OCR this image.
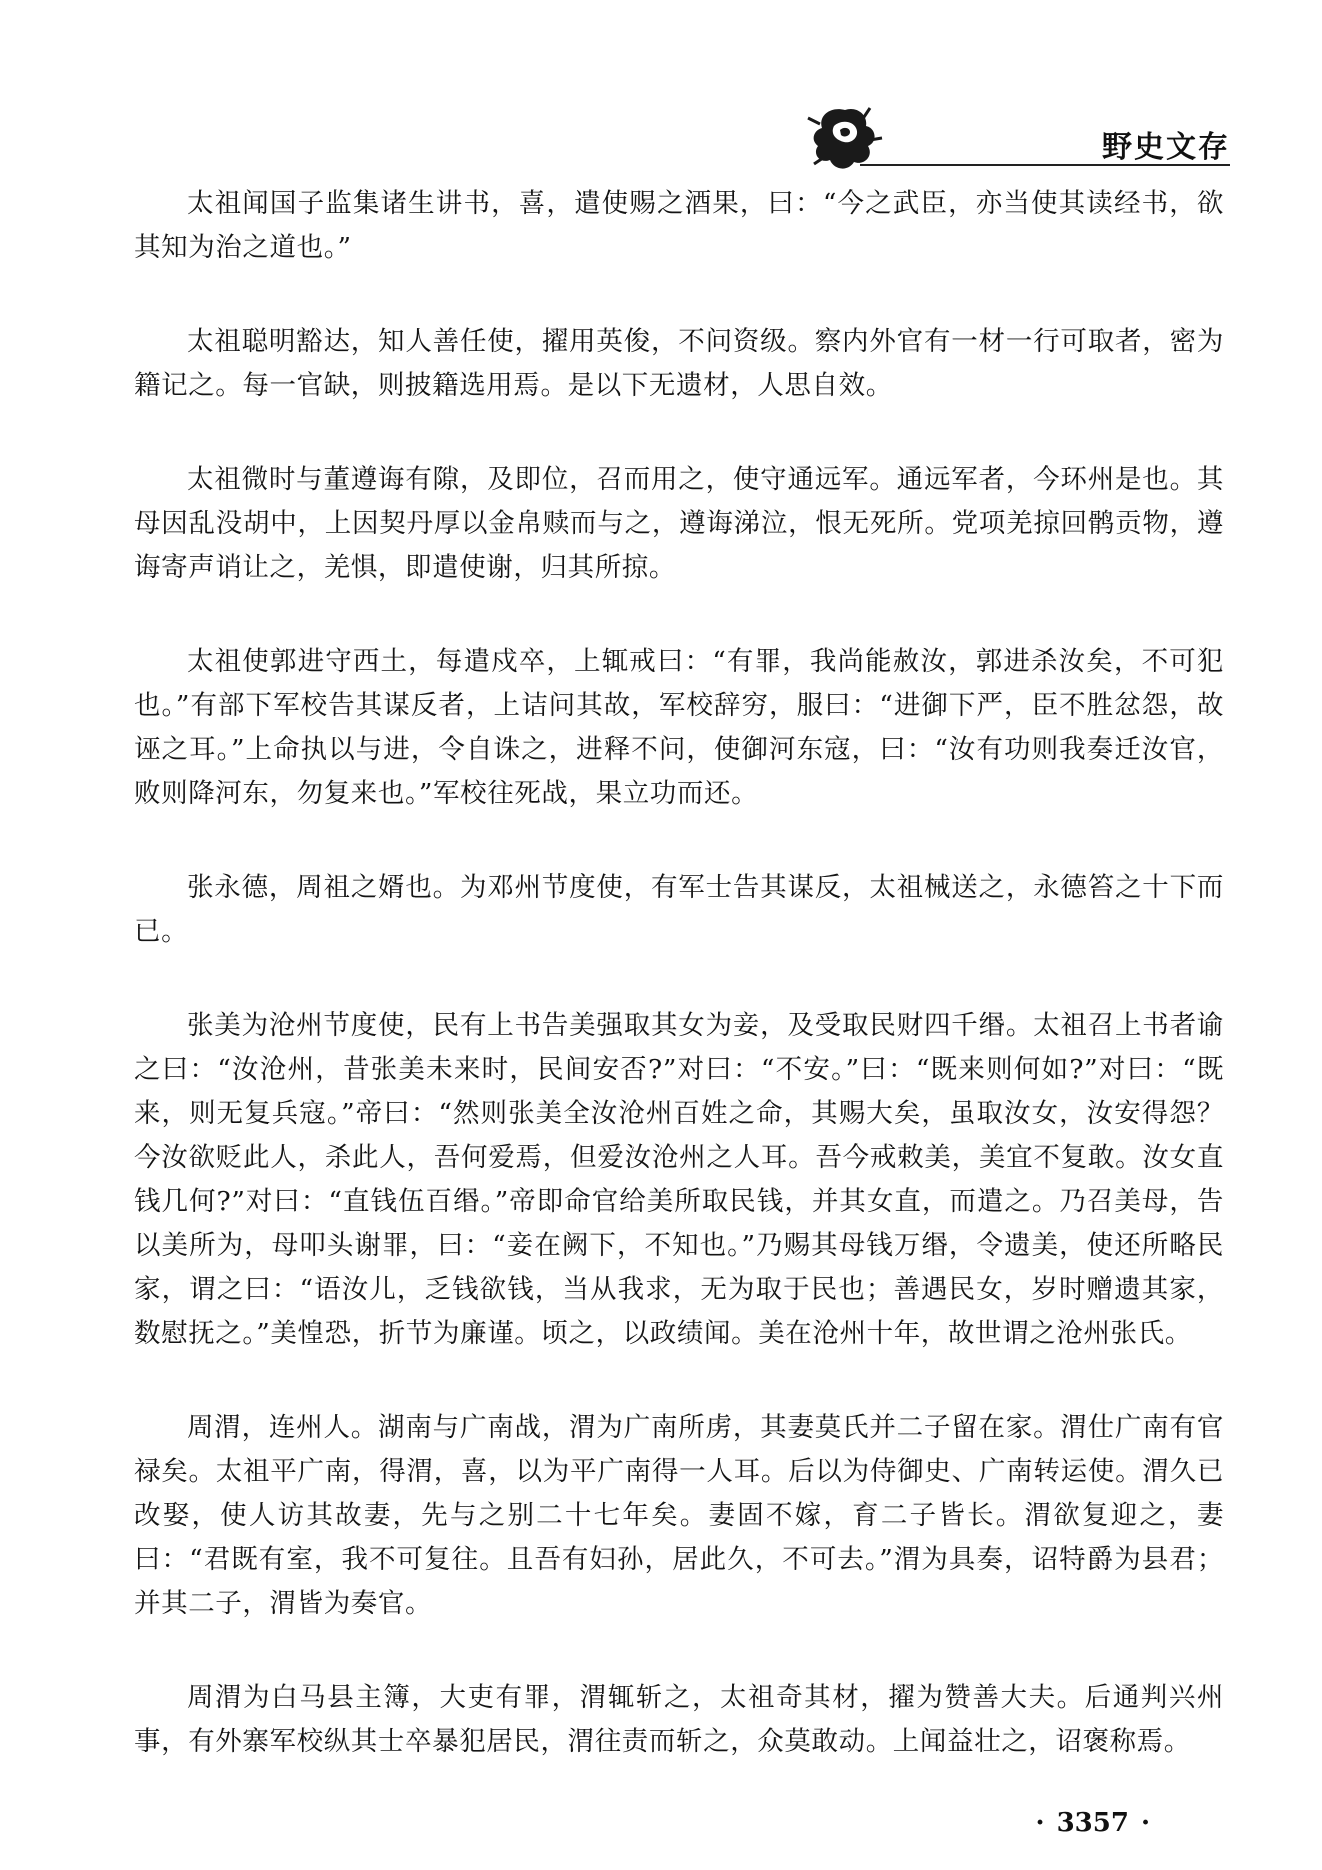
野史文存

太祖闻国子监集诸生讲书，喜，遣使赐之酒果，曰：“今之武臣，亦当使其读经书，欲其知为治之道也。”

太祖聪明豁达，知人善任使，擢用英俊，不问资级。察内外官有一材一行可取者，密为籍记之。每一官缺，则披籍选用焉。是以下无遗材，人思自效。

太祖微时与董遵诲有隙，及即位，召而用之，使守通远军。通远军者，今环州是也。其母因乱没胡中，上因契丹厚以金帛赎而与之，遵诲涕泣，恨无死所。党项羌掠回鹘贡物，遵诲寄声诮让之，羌惧，即遣使谢，归其所掠。

太祖使郭进守西土，每遣戍卒，上辄戒曰：“有罪，我尚能赦汝，郭进杀汝矣，不可犯也。”有部下军校告其谋反者，上诘问其故，军校辞穷，服曰：“进御下严，臣不胜忿怨，故诬之耳。”上命执以与进，令自诛之，进释不问，使御河东寇，曰：“汝有功则我奏迁汝官，败则降河东，勿复来也。”军校往死战，果立功而还。

张永德，周祖之婿也。为邓州节度使，有军士告其谋反，太祖械送之，永德笞之十下而已。

张美为沧州节度使，民有上书告美强取其女为妾，及受取民财四千缗。太祖召上书者谕之曰：“汝沧州，昔张美未来时，民间安否?”对曰：“不安。”曰：“既来则何如?”对曰：“既来，则无复兵寇。”帝曰：“然则张美全汝沧州百姓之命，其赐大矣，虽取汝女，汝安得怨？今汝欲贬此人，杀此人，吾何爱焉，但爱汝沧州之人耳。吾今戒敕美，美宜不复敢。汝女直钱几何?”对曰：“直钱伍百缗。”帝即命官给美所取民钱，并其女直，而遣之。乃召美母，告以美所为，母叩头谢罪，曰：“妾在阙下，不知也。”乃赐其母钱万缗，令遗美，使还所略民家，谓之曰：“语汝儿，乏钱欲钱，当从我求，无为取于民也；善遇民女，岁时赠遗其家，数慰抚之。”美惶恐，折节为廉谨。顷之，以政绩闻。美在沧州十年，故世谓之沧州张氏。

周渭，连州人。湖南与广南战，渭为广南所虏，其妻莫氏并二子留在家。渭仕广南有官禄矣。太祖平广南，得渭，喜，以为平广南得一人耳。后以为侍御史、广南转运使。渭久已改娶，使人访其故妻，先与之别二十七年矣。妻固不嫁，育二子皆长。渭欲复迎之，妻曰：“君既有室，我不可复往。且吾有妇孙，居此久，不可去。”渭为具奏，诏特爵为县君；并其二子，渭皆为奏官。

周渭为白马县主簿，大吏有罪，渭辄斩之，太祖奇其材，擢为赞善大夫。后通判兴州事，有外寨军校纵其士卒暴犯居民，渭往责而斩之，众莫敢动。上闻益壮之，诏褒称焉。

· 3357 ·
